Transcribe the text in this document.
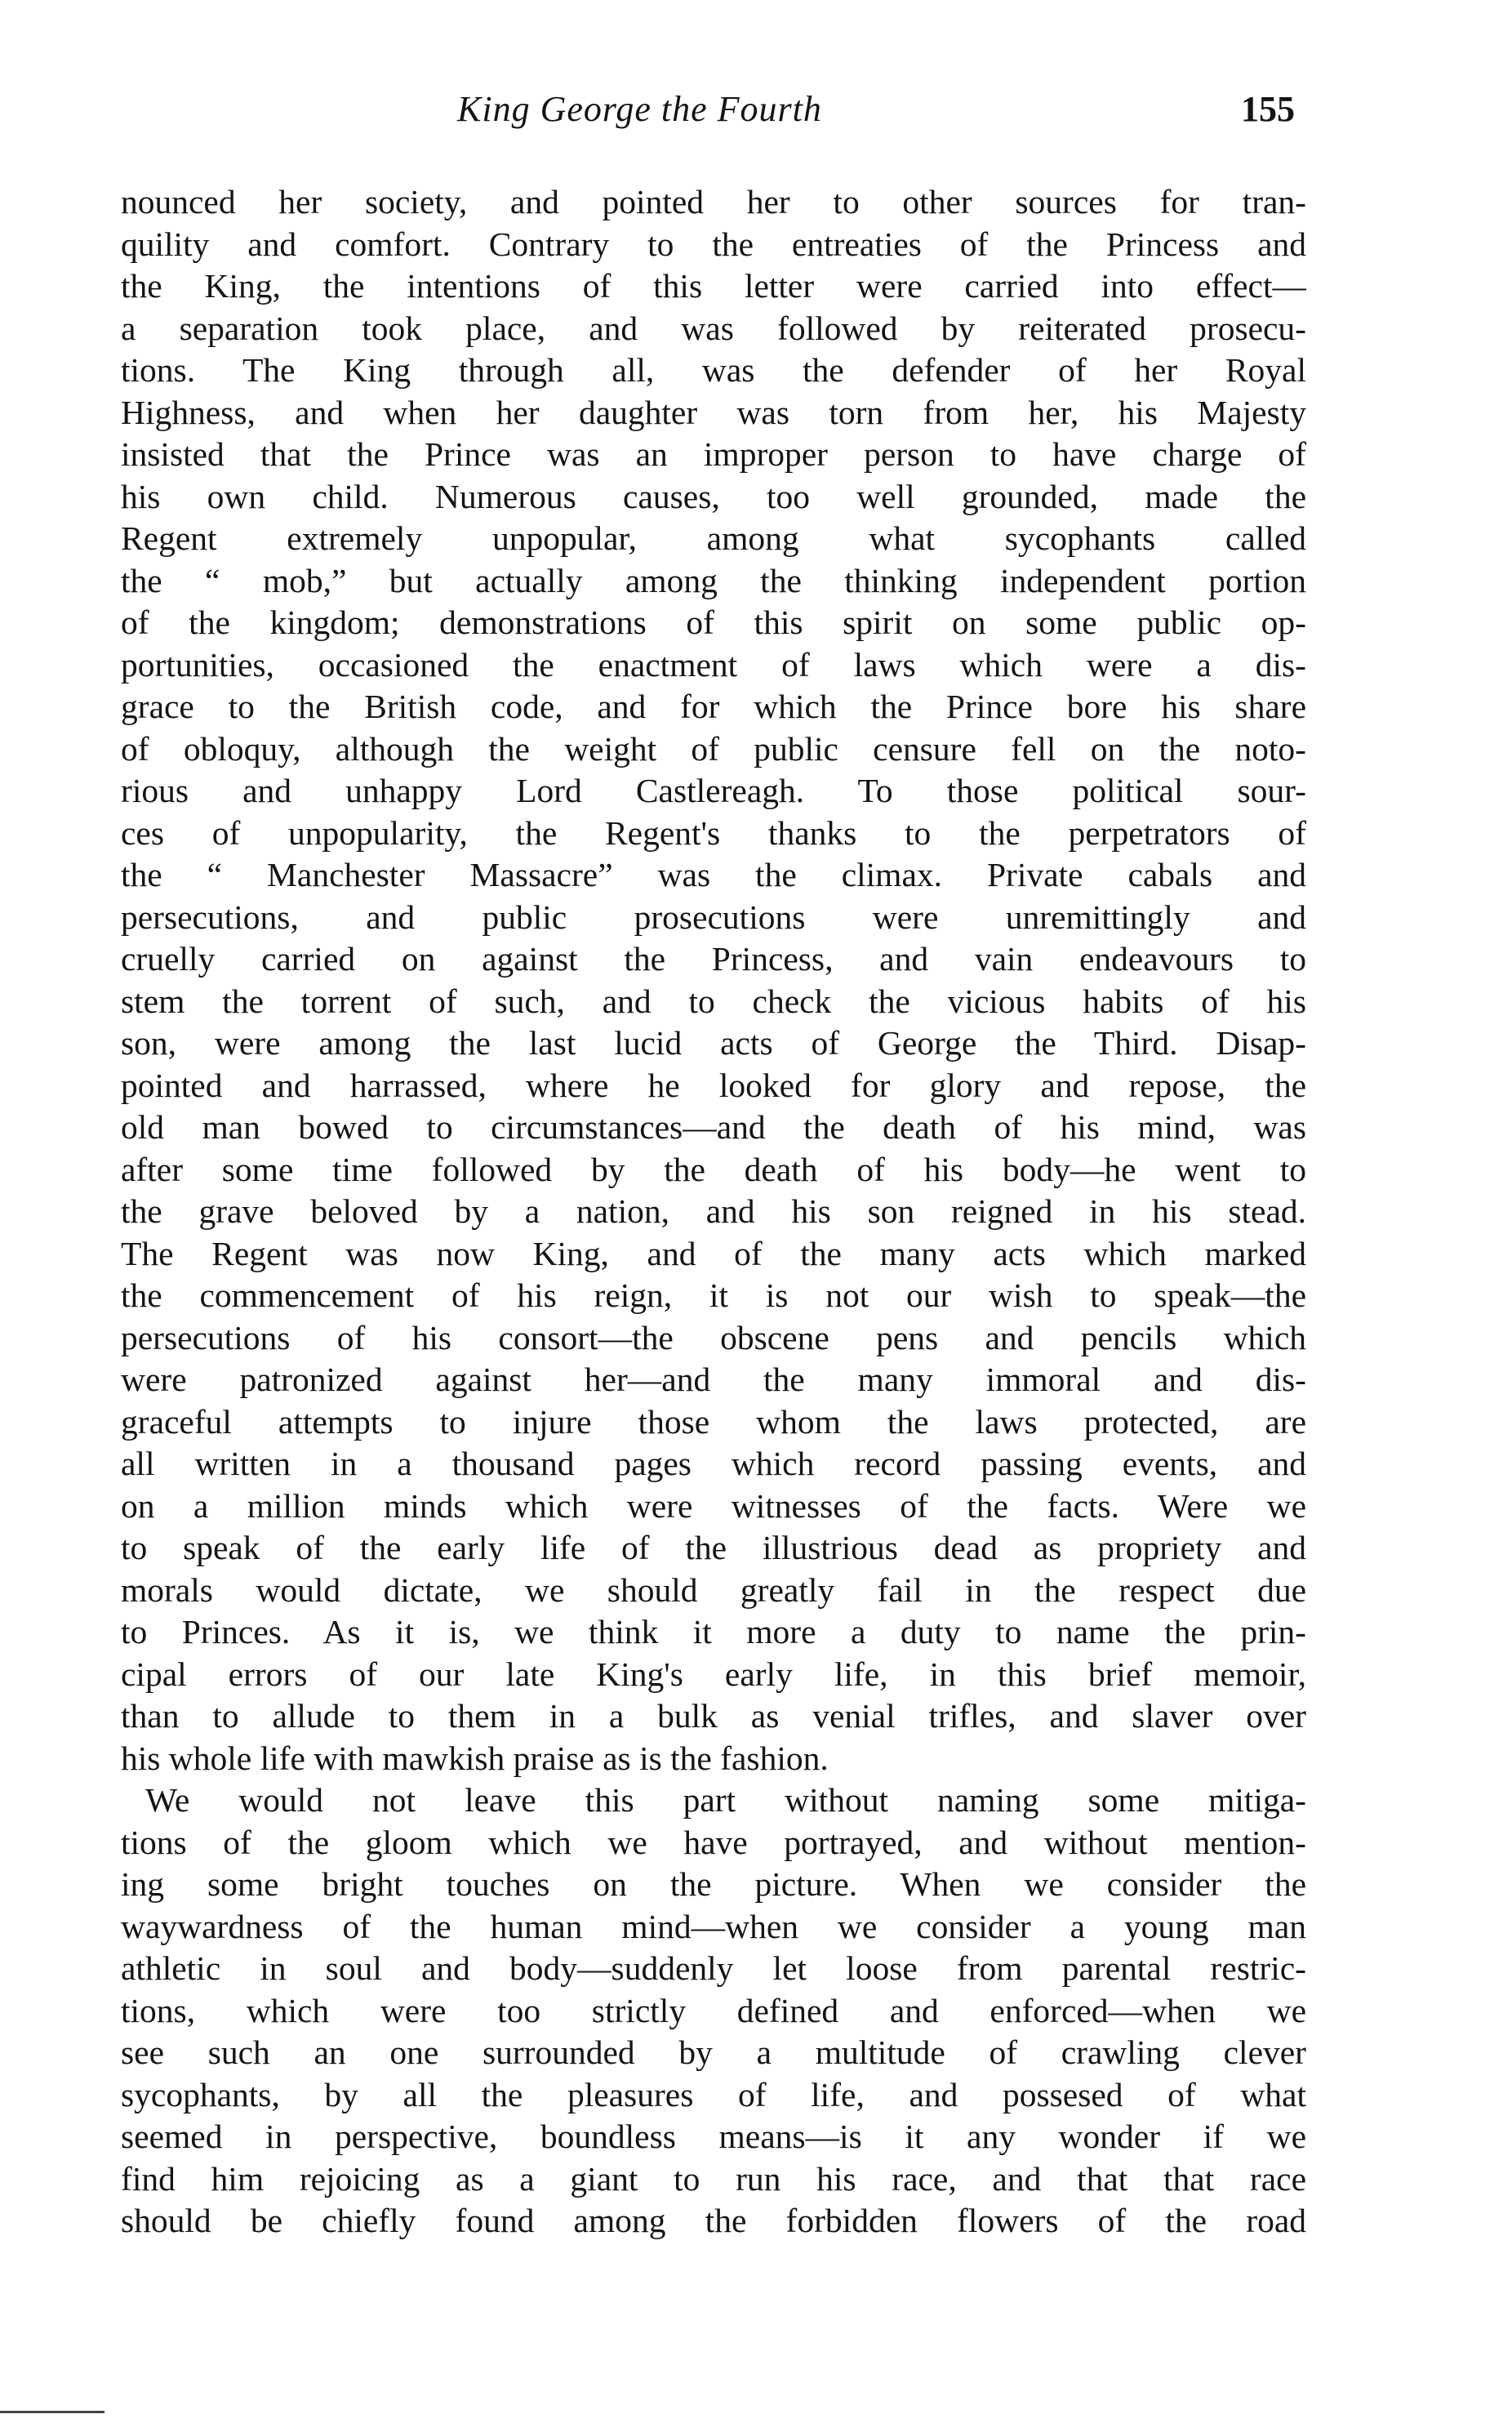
King George the Fourth	155
nounced her society, and pointed her to other sources for tran-
quility and comfort. Contrary to the entreaties of the Princess and
the King, the intentions of this letter were carried into effect—
a separation took place, and was followed by reiterated prosecu-
tions. The King through all, was the defender of her Royal
Highness, and when her daughter was torn from her, his Majesty
insisted that the Prince was an improper person to have charge of
his own child. Numerous causes, too well grounded, made the
Regent extremely unpopular, among what sycophants called
the “ mob,” but actually among the thinking independent portion
of the kingdom; demonstrations of this spirit on some public op-
portunities, occasioned the enactment of laws which were a dis-
grace to the British code, and for which the Prince bore his share
of obloquy, although the weight of public censure fell on the noto-
rious and unhappy Lord Castlereagh. To those political sour-
ces of unpopularity, the Regent's thanks to the perpetrators of
the “ Manchester Massacre” was the climax. Private cabals and
persecutions, and public prosecutions were unremittingly and
cruelly carried on against the Princess, and vain endeavours to
stem the torrent of such, and to check the vicious habits of his
son, were among the last lucid acts of George the Third. Disap-
pointed and harrassed, where he looked for glory and repose, the
old man bowed to circumstances—and the death of his mind, was
after some time followed by the death of his body—he went to
the grave beloved by a nation, and his son reigned in his stead.
The Regent was now King, and of the many acts which marked
the commencement of his reign, it is not our wish to speak—the
persecutions of his consort—the obscene pens and pencils which
were patronized against her—and the many immoral and dis-
graceful attempts to injure those whom the laws protected, are
all written in a thousand pages which record passing events, and
on a million minds which were witnesses of the facts. Were we
to speak of the early life of the illustrious dead as propriety and
morals would dictate, we should greatly fail in the respect due
to Princes. As it is, we think it more a duty to name the prin-
cipal errors of our late King's early life, in this brief memoir,
than to allude to them in a bulk as venial trifles, and slaver over
his whole life with mawkish praise as is the fashion.
We would not leave this part without naming some mitiga-
tions of the gloom which we have portrayed, and without mention-
ing some bright touches on the picture. When we consider the
waywardness of the human mind—when we consider a young man
athletic in soul and body—suddenly let loose from parental restric-
tions, which were too strictly defined and enforced—when we
see such an one surrounded by a multitude of crawling clever
sycophants, by all the pleasures of life, and possesed of what
seemed in perspective, boundless means—is it any wonder if we
find him rejoicing as a giant to run his race, and that that race
should be chiefly found among the forbidden flowers of the road
